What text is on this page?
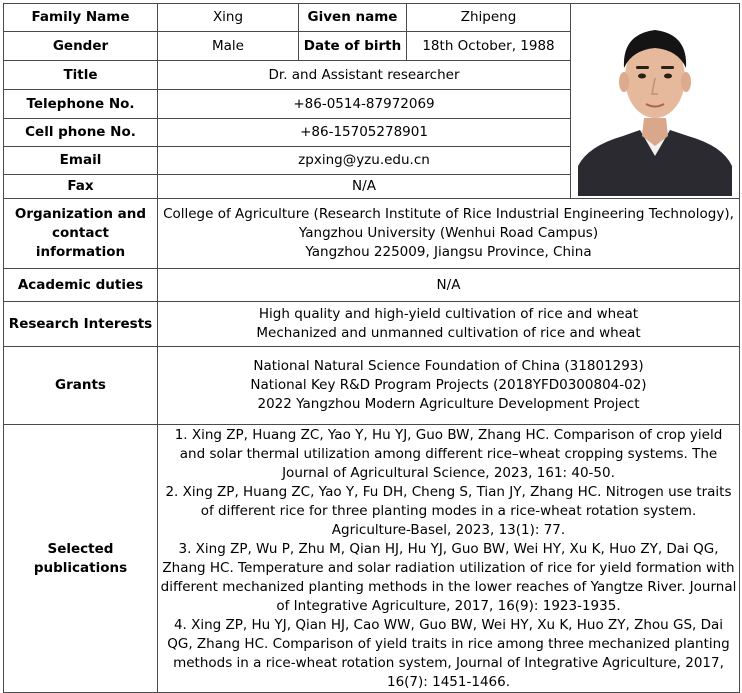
Family Name	Xing	Given name	Zhipeng	

Gender	Male	Date of birth	18th October, 1988	
Title	Dr. and Assistant researcher			
Telephone No.	+86-0514-87972069			
Cell phone No.	+86-15705278901			
Email	zpxing@yzu.edu.cn			
Fax	N/A			

Organization and
contact information	College of Agriculture (Research Institute of Rice Industrial Engineering Technology),
Yangzhou University (Wenhui Road Campus)
Yangzhou 225009, Jiangsu Province, China			

Academic duties	N/A			
Research Interests	High quality and high-yield cultivation of rice and wheat
Mechanized and unmanned cultivation of rice and wheat			

Grants	National Natural Science Foundation of China (31801293)
National Key R&D Program Projects (2018YFD0300804-02)
2022 Yangzhou Modern Agriculture Development Project			

Selected publications	1. Xing ZP, Huang ZC, Yao Y, Hu YJ, Guo BW, Zhang HC. Comparison of crop yield and solar thermal utilization among different rice–wheat cropping systems. The Journal of Agricultural Science, 2023, 161: 40-50.
2. Xing ZP, Huang ZC, Yao Y, Fu DH, Cheng S, Tian JY, Zhang HC. Nitrogen use traits of different rice for three planting modes in a rice-wheat rotation system. Agriculture-Basel, 2023, 13(1): 77.
3. Xing ZP, Wu P, Zhu M, Qian HJ, Hu YJ, Guo BW, Wei HY, Xu K, Huo ZY, Dai QG, Zhang HC. Temperature and solar radiation utilization of rice for yield formation with different mechanized planting methods in the lower reaches of Yangtze River. Journal of Integrative Agriculture, 2017, 16(9): 1923-1935.
4. Xing ZP, Hu YJ, Qian HJ, Cao WW, Guo BW, Wei HY, Xu K, Huo ZY, Zhou GS, Dai QG, Zhang HC. Comparison of yield traits in rice among three mechanized planting methods in a rice-wheat rotation system, Journal of Integrative Agriculture, 2017, 16(7): 1451-1466.			
